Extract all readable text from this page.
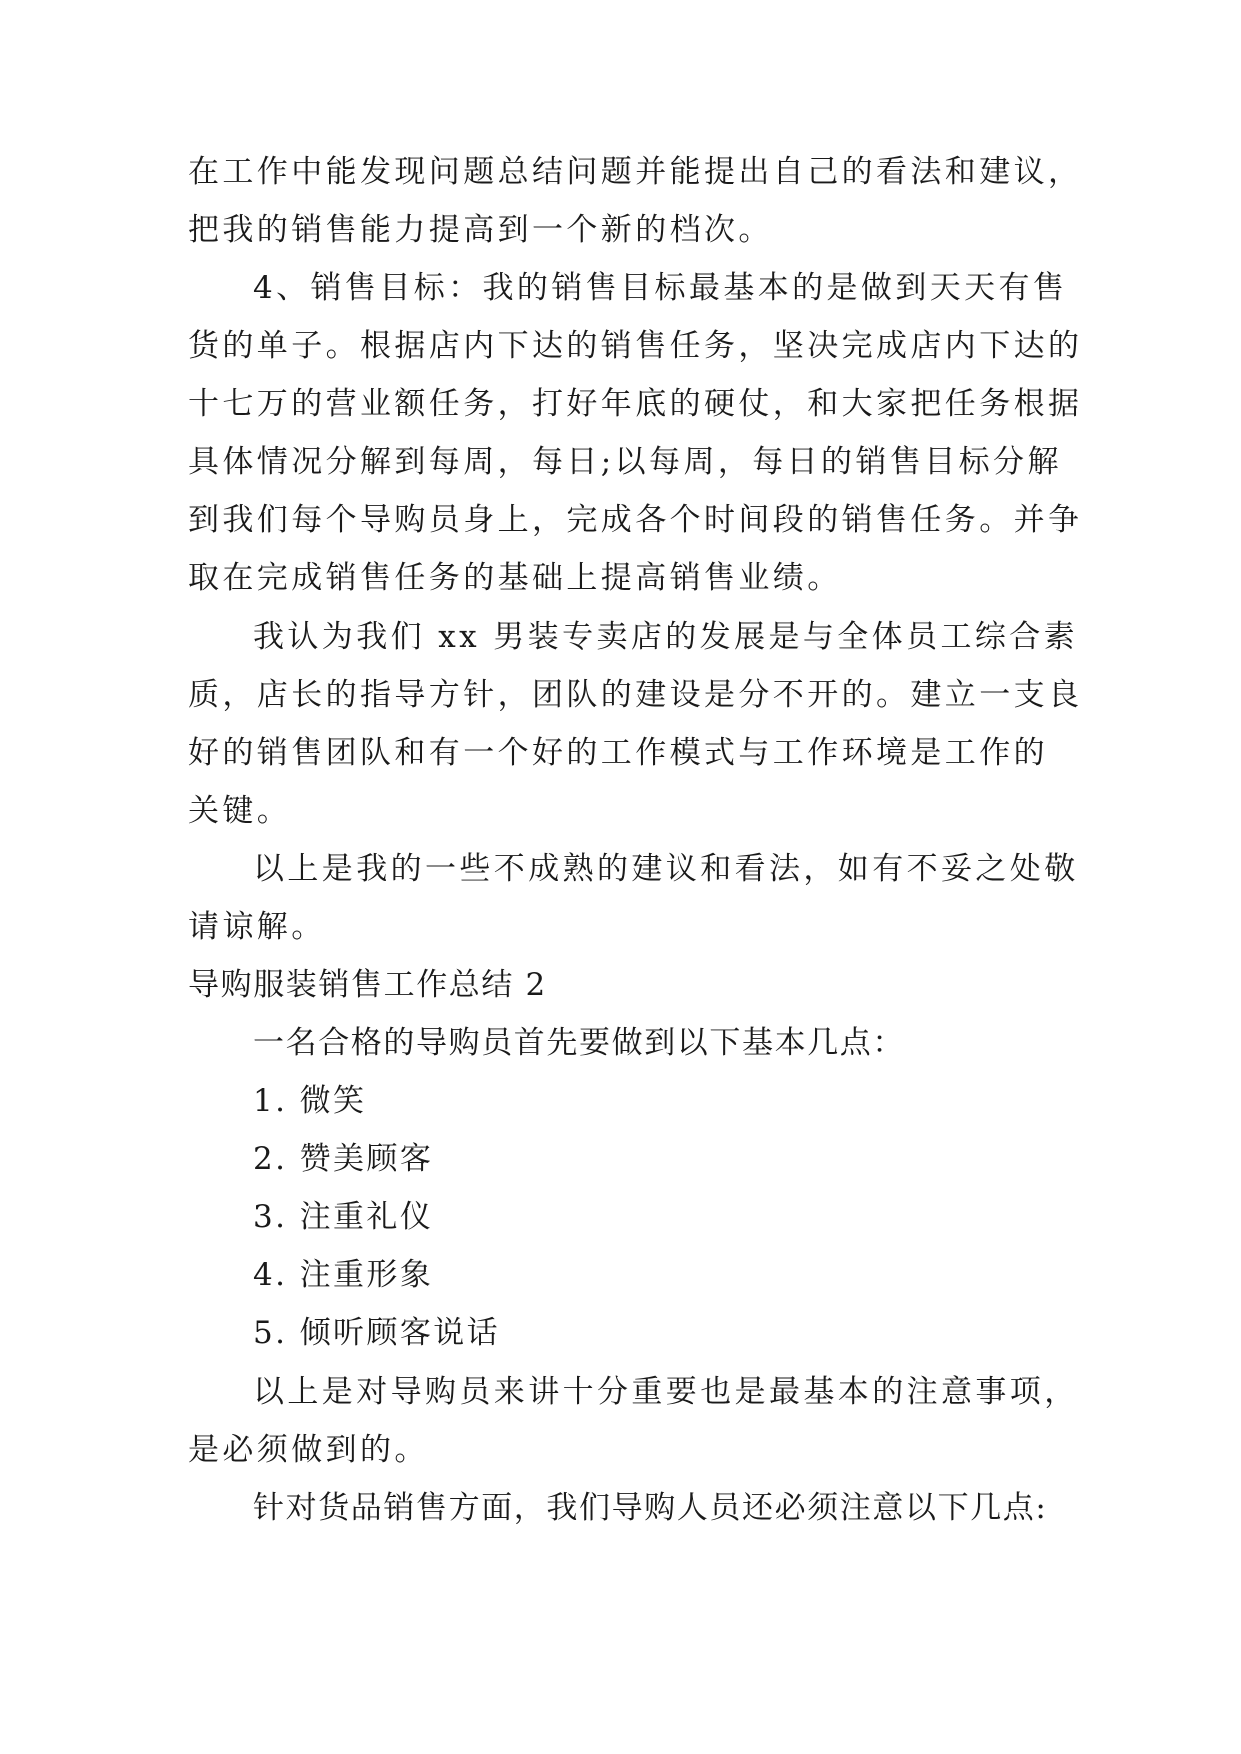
在工作中能发现问题总结问题并能提出自己的看法和建议，
把我的销售能力提高到一个新的档次。
4、销售目标：我的销售目标最基本的是做到天天有售
货的单子。根据店内下达的销售任务，坚决完成店内下达的
十七万的营业额任务，打好年底的硬仗，和大家把任务根据
具体情况分解到每周，每日;以每周，每日的销售目标分解
到我们每个导购员身上，完成各个时间段的销售任务。并争
取在完成销售任务的基础上提高销售业绩。
我认为我们 xx 男装专卖店的发展是与全体员工综合素
质，店长的指导方针，团队的建设是分不开的。建立一支良
好的销售团队和有一个好的工作模式与工作环境是工作的
关键。
以上是我的一些不成熟的建议和看法，如有不妥之处敬
请谅解。
导购服装销售工作总结 2
一名合格的导购员首先要做到以下基本几点：
1. 微笑
2. 赞美顾客
3. 注重礼仪
4. 注重形象
5. 倾听顾客说话
以上是对导购员来讲十分重要也是最基本的注意事项，
是必须做到的。
针对货品销售方面，我们导购人员还必须注意以下几点:
